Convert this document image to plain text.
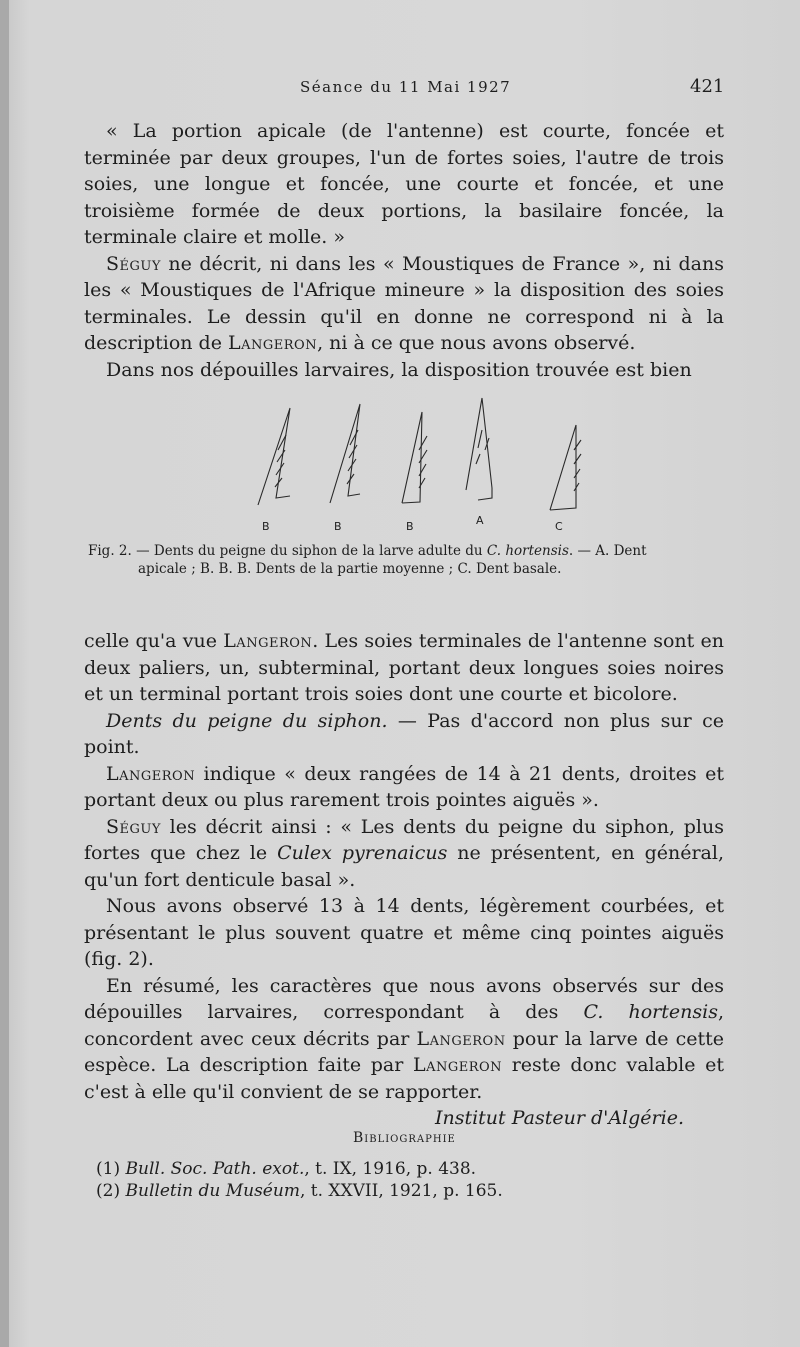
Séance du 11 Mai 1927	421

« La portion apicale (de l'antenne) est courte, foncée et terminée par deux groupes, l'un de fortes soies, l'autre de trois soies, une longue et foncée, une courte et foncée, et une troisième formée de deux portions, la basilaire foncée, la terminale claire et molle. »

Séguy ne décrit, ni dans les « Moustiques de France », ni dans les « Moustiques de l'Afrique mineure » la disposition des soies terminales. Le dessin qu'il en donne ne correspond ni à la description de Langeron, ni à ce que nous avons observé.

Dans nos dépouilles larvaires, la disposition trouvée est bien

B	B	B	A	C
Fig. 2. — Dents du peigne du siphon de la larve adulte du C. hortensis. — A. Dent
apicale ; B. B. B. Dents de la partie moyenne ; C. Dent basale.

celle qu'a vue Langeron. Les soies terminales de l'antenne sont en deux paliers, un, subterminal, portant deux longues soies noires et un terminal portant trois soies dont une courte et bicolore.

Dents du peigne du siphon. — Pas d'accord non plus sur ce point.

Langeron indique « deux rangées de 14 à 21 dents, droites et portant deux ou plus rarement trois pointes aiguës ».

Séguy les décrit ainsi : « Les dents du peigne du siphon, plus fortes que chez le Culex pyrenaicus ne présentent, en général, qu'un fort denticule basal ».

Nous avons observé 13 à 14 dents, légèrement courbées, et présentant le plus souvent quatre et même cinq pointes aiguës (fig. 2).

En résumé, les caractères que nous avons observés sur des dépouilles larvaires, correspondant à des C. hortensis, concordent avec ceux décrits par Langeron pour la larve de cette espèce. La description faite par Langeron reste donc valable et c'est à elle qu'il convient de se rapporter.

Institut Pasteur d'Algérie.

Bibliographie
(1) Bull. Soc. Path. exot., t. IX, 1916, p. 438.
(2) Bulletin du Muséum, t. XXVII, 1921, p. 165.
